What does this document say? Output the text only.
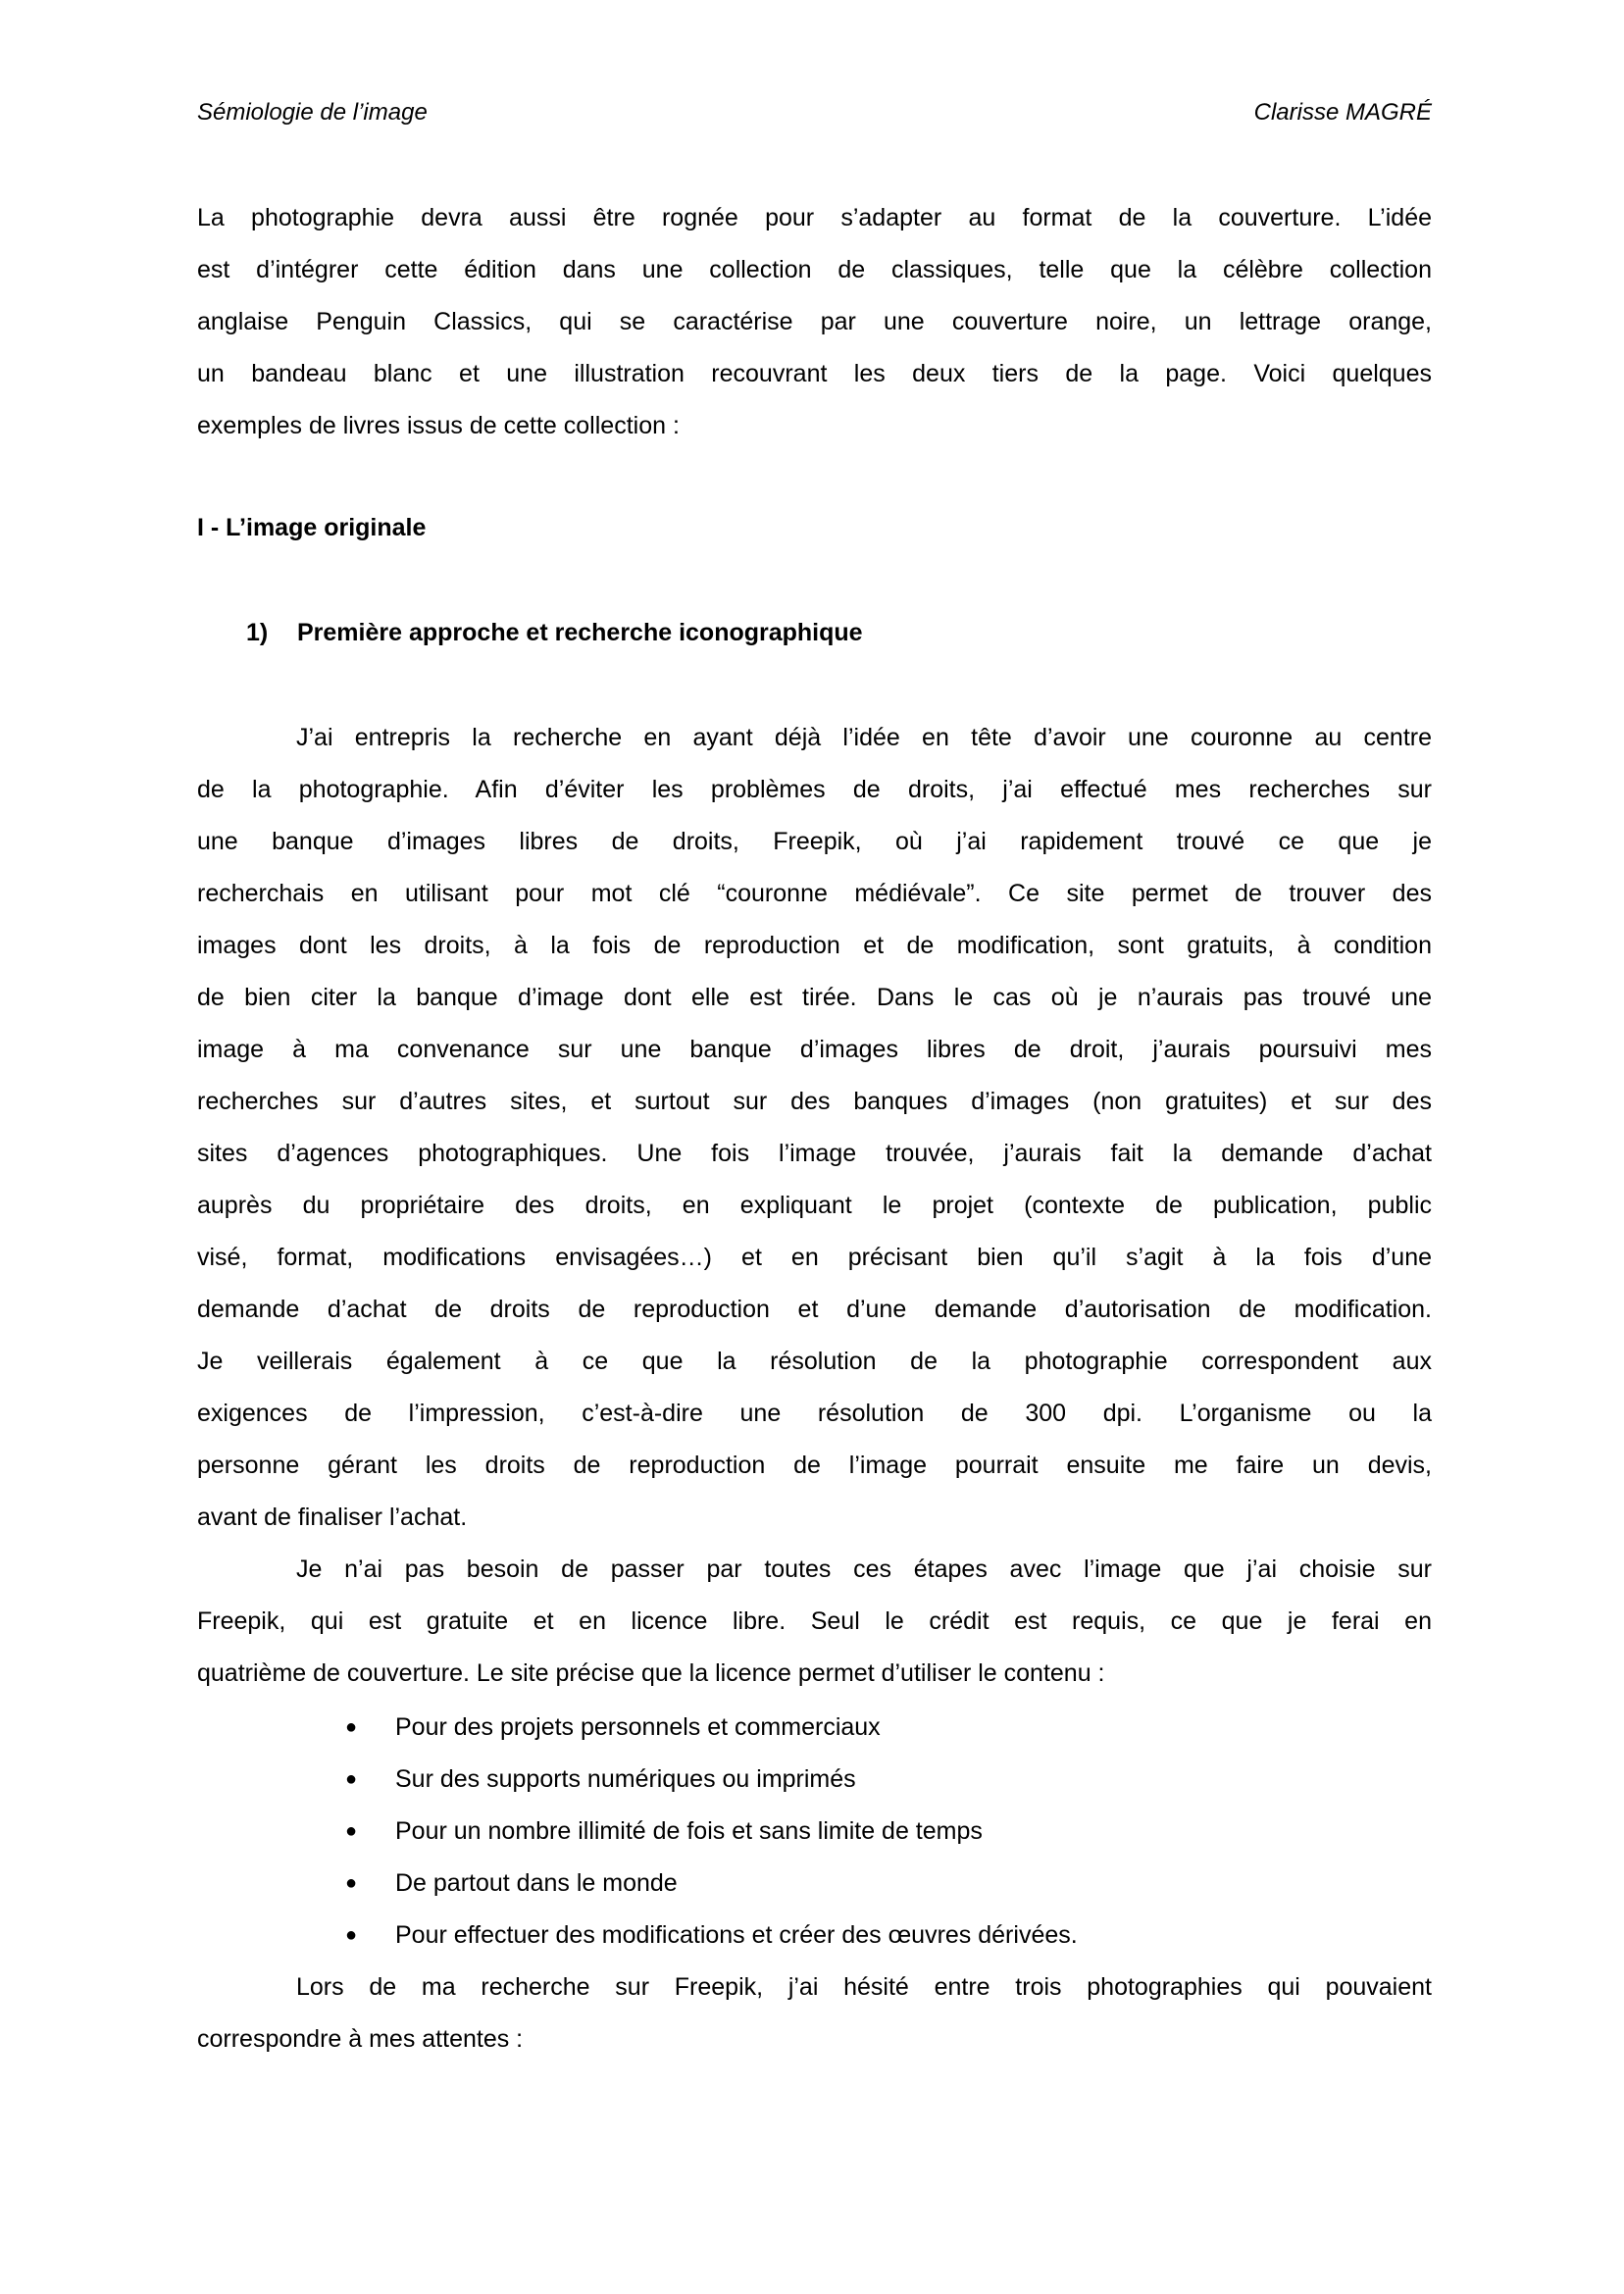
Sémiologie de l’image	Clarisse MAGRÉ
La photographie devra aussi être rognée pour s’adapter au format de la couverture. L’idée
est d’intégrer cette édition dans une collection de classiques, telle que la célèbre collection
anglaise Penguin Classics, qui se caractérise par une couverture noire, un lettrage orange,
un bandeau blanc et une illustration recouvrant les deux tiers de la page. Voici quelques
exemples de livres issus de cette collection :
I - L’image originale
1) Première approche et recherche iconographique
J’ai entrepris la recherche en ayant déjà l’idée en tête d’avoir une couronne au centre
de la photographie. Afin d’éviter les problèmes de droits, j’ai effectué mes recherches sur
une banque d’images libres de droits, Freepik, où j’ai rapidement trouvé ce que je
recherchais en utilisant pour mot clé “couronne médiévale”. Ce site permet de trouver des
images dont les droits, à la fois de reproduction et de modification, sont gratuits, à condition
de bien citer la banque d’image dont elle est tirée. Dans le cas où je n’aurais pas trouvé une
image à ma convenance sur une banque d’images libres de droit, j’aurais poursuivi mes
recherches sur d’autres sites, et surtout sur des banques d’images (non gratuites) et sur des
sites d’agences photographiques. Une fois l’image trouvée, j’aurais fait la demande d’achat
auprès du propriétaire des droits, en expliquant le projet (contexte de publication, public
visé, format, modifications envisagées…) et en précisant bien qu’il s’agit à la fois d’une
demande d’achat de droits de reproduction et d’une demande d’autorisation de modification.
Je veillerais également à ce que la résolution de la photographie correspondent aux
exigences de l’impression, c’est-à-dire une résolution de 300 dpi. L’organisme ou la
personne gérant les droits de reproduction de l’image pourrait ensuite me faire un devis,
avant de finaliser l’achat.
Je n’ai pas besoin de passer par toutes ces étapes avec l’image que j’ai choisie sur
Freepik, qui est gratuite et en licence libre. Seul le crédit est requis, ce que je ferai en
quatrième de couverture. Le site précise que la licence permet d’utiliser le contenu :
● Pour des projets personnels et commerciaux
● Sur des supports numériques ou imprimés
● Pour un nombre illimité de fois et sans limite de temps
● De partout dans le monde
● Pour effectuer des modifications et créer des œuvres dérivées.
Lors de ma recherche sur Freepik, j’ai hésité entre trois photographies qui pouvaient
correspondre à mes attentes :
